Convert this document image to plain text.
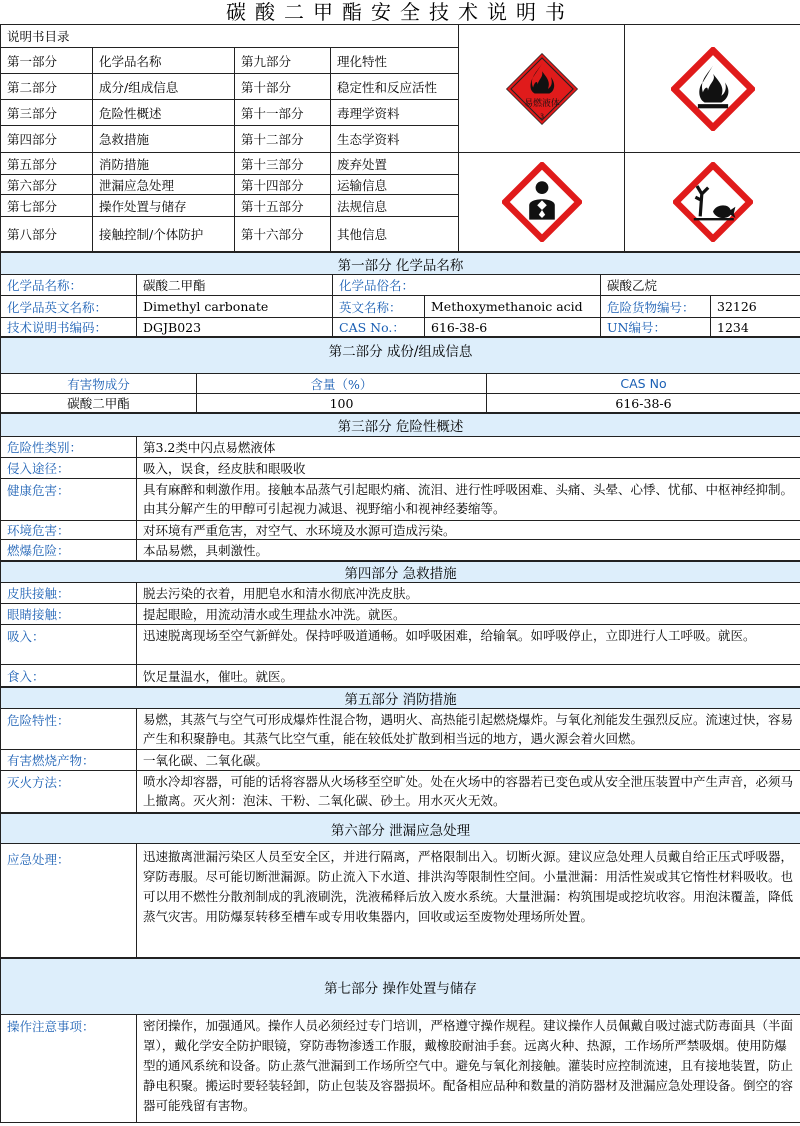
碳酸二甲酯安全技术说明书
说明书目录				易燃液体
3

第一部分	化学品名称	第九部分	理化特性		
第二部分	成分/组成信息	第十部分	稳定性和反应活性		
第三部分	危险性概述	第十一部分	毒理学资料		
第四部分	急救措施	第十二部分	生态学资料		
第五部分	消防措施	第十三部分	废弃处置	

第六部分	泄漏应急处理	第十四部分	运输信息		
第七部分	操作处置与储存	第十五部分	法规信息		
第八部分	接触控制/个体防护	第十六部分	其他信息		
第一部分 化学品名称					
化学品名称：	碳酸二甲酯	化学品俗名：		碳酸乙烷	
化学品英文名称：	Dimethyl carbonate	英文名称：	Methoxymethanoic acid	危险货物编号：	32126
技术说明书编码：	DGJB023	CAS No.：	616-38-6	UN编号：	1234
第二部分 成份/组成信息		
有害物成分	含量（%）	CAS No
碳酸二甲酯	100	616-38-6
第三部分 危险性概述	
危险性类别：	第3.2类中闪点易燃液体
侵入途径：	吸入，误食，经皮肤和眼吸收
健康危害：	具有麻醉和刺激作用。接触本品蒸气引起眼灼痛、流泪、进行性呼吸困难、头痛、头晕、心悸、忧郁、中枢神经抑制。由其分解产生的甲醇可引起视力减退、视野缩小和视神经萎缩等。
环境危害：	对环境有严重危害，对空气、水环境及水源可造成污染。
燃爆危险：	本品易燃，具刺激性。
第四部分 急救措施	
皮肤接触：	脱去污染的衣着，用肥皂水和清水彻底冲洗皮肤。
眼睛接触：	提起眼睑，用流动清水或生理盐水冲洗。就医。
吸入：	迅速脱离现场至空气新鲜处。保持呼吸道通畅。如呼吸困难，给输氧。如呼吸停止，立即进行人工呼吸。就医。
食入：	饮足量温水，催吐。就医。
第五部分 消防措施	
危险特性：	易燃，其蒸气与空气可形成爆炸性混合物，遇明火、高热能引起燃烧爆炸。与氧化剂能发生强烈反应。流速过快，容易产生和积聚静电。其蒸气比空气重，能在较低处扩散到相当远的地方，遇火源会着火回燃。
有害燃烧产物：	一氧化碳、二氧化碳。
灭火方法：	喷水冷却容器，可能的话将容器从火场移至空旷处。处在火场中的容器若已变色或从安全泄压装置中产生声音，必须马上撤离。灭火剂：泡沫、干粉、二氧化碳、砂土。用水灭火无效。
第六部分 泄漏应急处理
应急处理：	迅速撤离泄漏污染区人员至安全区，并进行隔离，严格限制出入。切断火源。建议应急处理人员戴自给正压式呼吸器，穿防毒服。尽可能切断泄漏源。防止流入下水道、排洪沟等限制性空间。小量泄漏：用活性炭或其它惰性材料吸收。也可以用不燃性分散剂制成的乳液刷洗，洗液稀释后放入废水系统。大量泄漏：构筑围堤或挖坑收容。用泡沫覆盖，降低蒸气灾害。用防爆泵转移至槽车或专用收集器内，回收或运至废物处理场所处置。
第七部分 操作处置与储存
操作注意事项：	密闭操作，加强通风。操作人员必须经过专门培训，严格遵守操作规程。建议操作人员佩戴自吸过滤式防毒面具（半面罩），戴化学安全防护眼镜，穿防毒物渗透工作服，戴橡胶耐油手套。远离火种、热源，工作场所严禁吸烟。使用防爆型的通风系统和设备。防止蒸气泄漏到工作场所空气中。避免与氧化剂接触。灌装时应控制流速，且有接地装置，防止静电积聚。搬运时要轻装轻卸，防止包装及容器损坏。配备相应品种和数量的消防器材及泄漏应急处理设备。倒空的容器可能残留有害物。
